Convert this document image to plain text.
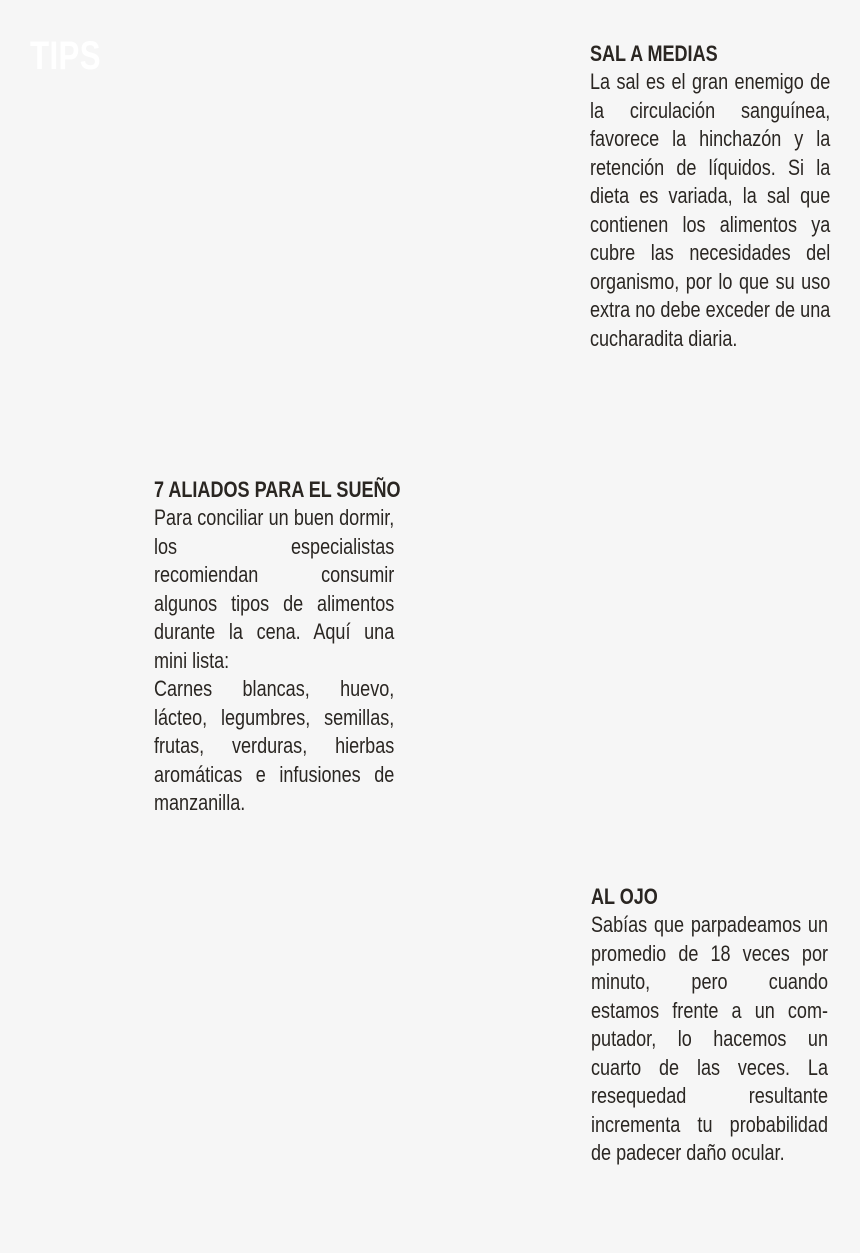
TIPS	SAL A MEDIAS

La sal es el gran enemigo de la circulación sanguínea, favorece la hinchazón y la retención de líquidos. Si la dieta es variada, la sal que contienen los alimentos ya cubre las necesidades del organismo, por lo que su uso extra no debe exceder de una cucharadita diaria.

7 ALIADOS PARA EL SUEÑO

Para conciliar un buen dormir, los especialistas recomiendan consumir algunos tipos de alimentos durante la cena. Aquí una mini lista:
Carnes blancas, huevo, lácteo, legumbres, semillas, frutas, verduras, hierbas aromáticas e infusiones de manzanilla.

AL OJO

Sabías que parpadeamos un promedio de 18 veces por minuto, pero cuando estamos frente a un com-putador, lo hacemos un cuarto de las veces. La resequedad resultante incrementa tu probabilidad de padecer daño ocular.
